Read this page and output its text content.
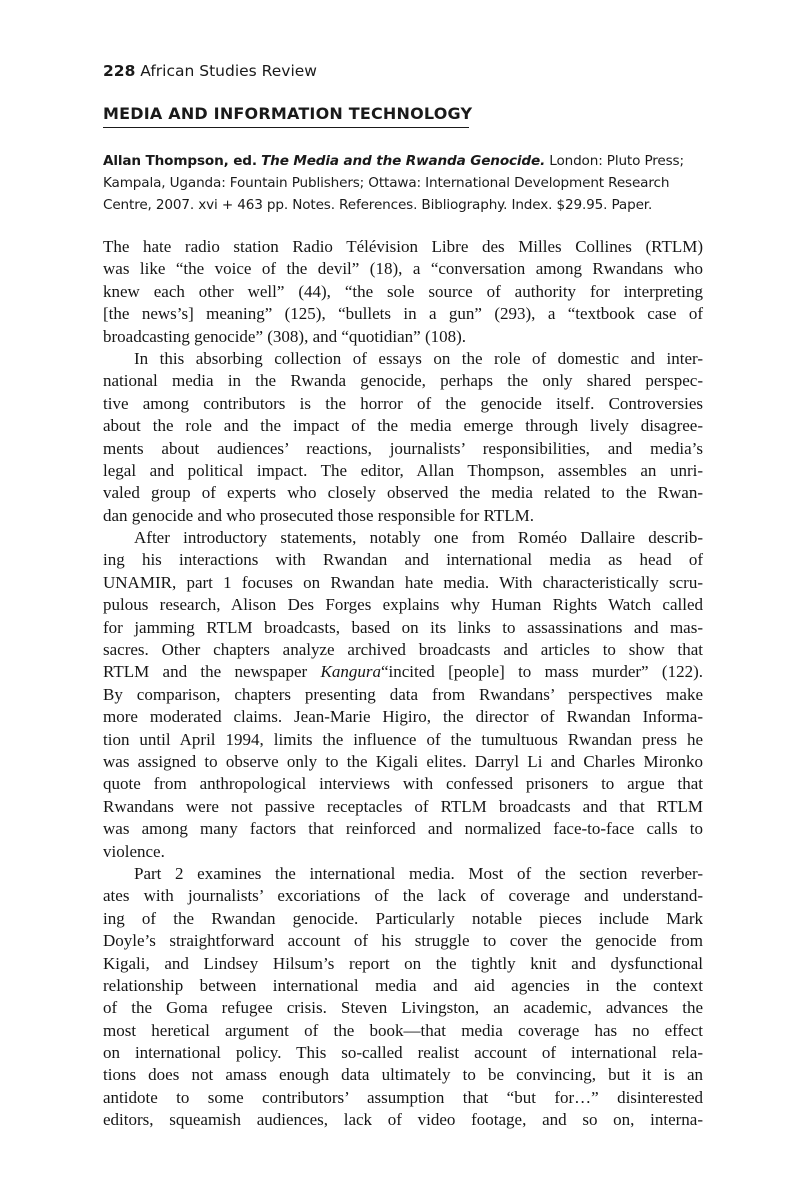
228 African Studies Review
MEDIA AND INFORMATION TECHNOLOGY
Allan Thompson, ed. The Media and the Rwanda Genocide. London: Pluto Press;
Kampala, Uganda: Fountain Publishers; Ottawa: International Development Research
Centre, 2007. xvi + 463 pp. Notes. References. Bibliography. Index. $29.95. Paper.
The hate radio station Radio Télévision Libre des Milles Collines (RTLM)
was like “the voice of the devil” (18), a “conversation among Rwandans who
knew each other well” (44), “the sole source of authority for interpreting
[the news’s] meaning” (125), “bullets in a gun” (293), a “textbook case of
broadcasting genocide” (308), and “quotidian” (108).
In this absorbing collection of essays on the role of domestic and inter-
national media in the Rwanda genocide, perhaps the only shared perspec-
tive among contributors is the horror of the genocide itself. Controversies
about the role and the impact of the media emerge through lively disagree-
ments about audiences’ reactions, journalists’ responsibilities, and media’s
legal and political impact. The editor, Allan Thompson, assembles an unri-
valed group of experts who closely observed the media related to the Rwan-
dan genocide and who prosecuted those responsible for RTLM.
After introductory statements, notably one from Roméo Dallaire describ-
ing his interactions with Rwandan and international media as head of
UNAMIR, part 1 focuses on Rwandan hate media. With characteristically scru-
pulous research, Alison Des Forges explains why Human Rights Watch called
for jamming RTLM broadcasts, based on its links to assassinations and mas-
sacres. Other chapters analyze archived broadcasts and articles to show that
RTLM and the newspaper Kangura“incited [people] to mass murder” (122).
By comparison, chapters presenting data from Rwandans’ perspectives make
more moderated claims. Jean-Marie Higiro, the director of Rwandan Informa-
tion until April 1994, limits the influence of the tumultuous Rwandan press he
was assigned to observe only to the Kigali elites. Darryl Li and Charles Mironko
quote from anthropological interviews with confessed prisoners to argue that
Rwandans were not passive receptacles of RTLM broadcasts and that RTLM
was among many factors that reinforced and normalized face-to-face calls to
violence.
Part 2 examines the international media. Most of the section reverber-
ates with journalists’ excoriations of the lack of coverage and understand-
ing of the Rwandan genocide. Particularly notable pieces include Mark
Doyle’s straightforward account of his struggle to cover the genocide from
Kigali, and Lindsey Hilsum’s report on the tightly knit and dysfunctional
relationship between international media and aid agencies in the context
of the Goma refugee crisis. Steven Livingston, an academic, advances the
most heretical argument of the book—that media coverage has no effect
on international policy. This so-called realist account of international rela-
tions does not amass enough data ultimately to be convincing, but it is an
antidote to some contributors’ assumption that “but for…” disinterested
editors, squeamish audiences, lack of video footage, and so on, interna-
